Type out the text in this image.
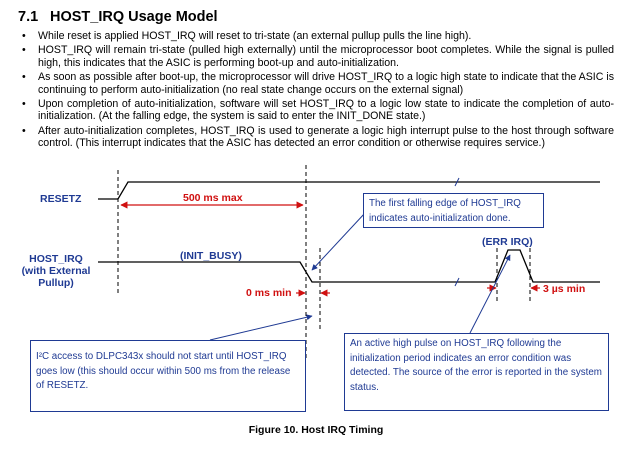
7.1 HOST_IRQ Usage Model
• While reset is applied HOST_IRQ will reset to tri-state (an external pullup pulls the line high).
• HOST_IRQ will remain tri-state (pulled high externally) until the microprocessor boot completes. While the signal is pulled high, this indicates that the ASIC is performing boot-up and auto-initialization.
• As soon as possible after boot-up, the microprocessor will drive HOST_IRQ to a logic high state to indicate that the ASIC is continuing to perform auto-initialization (no real state change occurs on the external signal)
• Upon completion of auto-initialization, software will set HOST_IRQ to a logic low state to indicate the completion of auto-initialization. (At the falling edge, the system is said to enter the INIT_DONE state.)
• After auto-initialization completes, HOST_IRQ is used to generate a logic high interrupt pulse to the host through software control. (This interrupt indicates that the ASIC has detected an error condition or otherwise requires service.)
RESETZ
HOST_IRQ
(with External
Pullup)
(INIT_BUSY)
(ERR IRQ)
500 ms max
0 ms min	3 µs min
The first falling edge of HOST_IRQ indicates auto-initialization done.
I²C access to DLPC343x should not start until HOST_IRQ goes low (this should occur within 500 ms from the release of RESETZ.
An active high pulse on HOST_IRQ following the initialization period indicates an error condition was detected. The source of the error is reported in the system status.
Figure 10. Host IRQ Timing
